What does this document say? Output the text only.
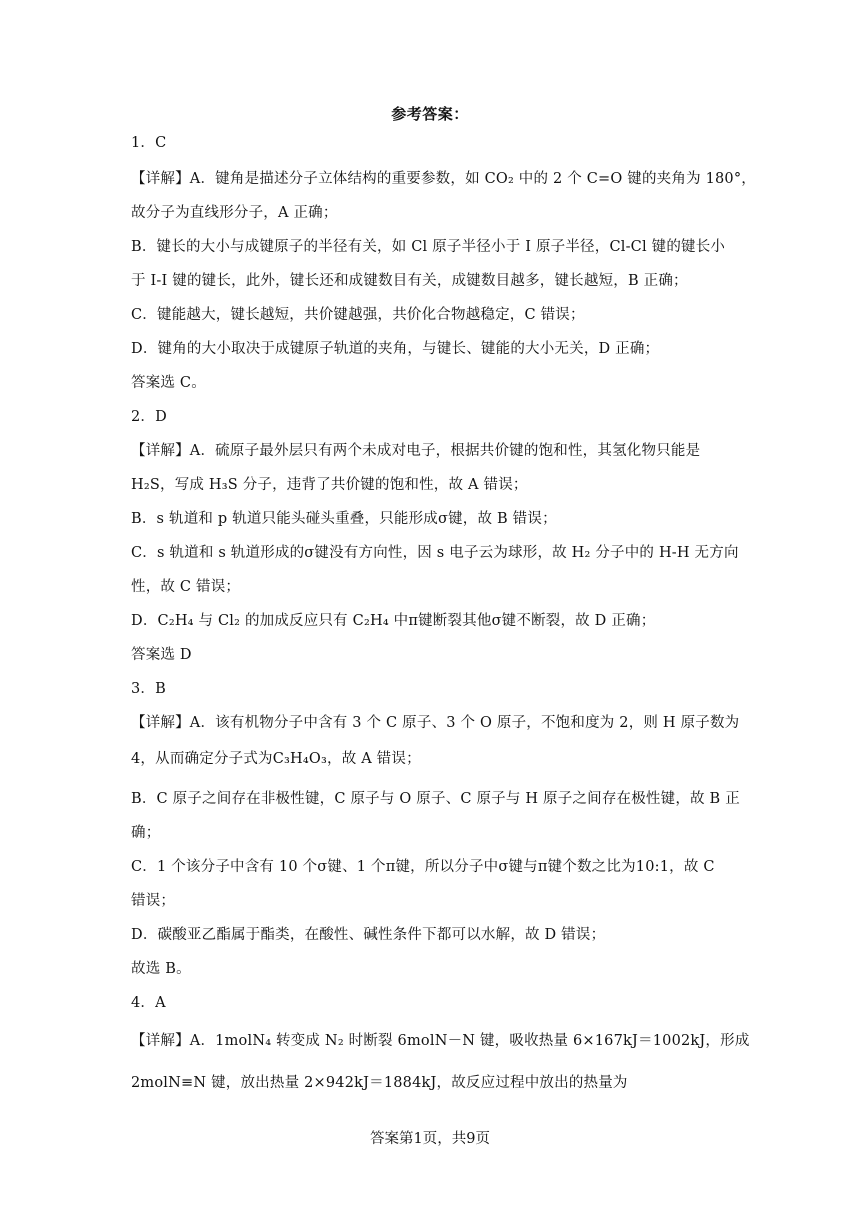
参考答案：
1．C
【详解】A．键角是描述分子立体结构的重要参数，如 CO₂ 中的 2 个 C=O 键的夹角为 180°，
故分子为直线形分子，A 正确；
B．键长的大小与成键原子的半径有关，如 Cl 原子半径小于 I 原子半径，Cl-Cl 键的键长小
于 I-I 键的键长，此外，键长还和成键数目有关，成键数目越多，键长越短，B 正确；
C．键能越大，键长越短，共价键越强，共价化合物越稳定，C 错误；
D．键角的大小取决于成键原子轨道的夹角，与键长、键能的大小无关，D 正确；
答案选 C。
2．D
【详解】A．硫原子最外层只有两个未成对电子，根据共价键的饱和性，其氢化物只能是
H₂S，写成 H₃S 分子，违背了共价键的饱和性，故 A 错误；
B．s 轨道和 p 轨道只能头碰头重叠，只能形成σ键，故 B 错误；
C．s 轨道和 s 轨道形成的σ键没有方向性，因 s 电子云为球形，故 H₂ 分子中的 H-H 无方向
性，故 C 错误；
D．C₂H₄ 与 Cl₂ 的加成反应只有 C₂H₄ 中π键断裂其他σ键不断裂，故 D 正确；
答案选 D
3．B
【详解】A．该有机物分子中含有 3 个 C 原子、3 个 O 原子，不饱和度为 2，则 H 原子数为
4，从而确定分子式为C₃H₄O₃，故 A 错误；
B．C 原子之间存在非极性键，C 原子与 O 原子、C 原子与 H 原子之间存在极性键，故 B 正
确；
C．1 个该分子中含有 10 个σ键、1 个π键，所以分子中σ键与π键个数之比为10:1，故 C
错误；
D．碳酸亚乙酯属于酯类，在酸性、碱性条件下都可以水解，故 D 错误；
故选 B。
4．A
【详解】A．1molN₄ 转变成 N₂ 时断裂 6molN－N 键，吸收热量 6×167kJ＝1002kJ，形成
2molN≡N 键，放出热量 2×942kJ＝1884kJ，故反应过程中放出的热量为
答案第1页，共9页
